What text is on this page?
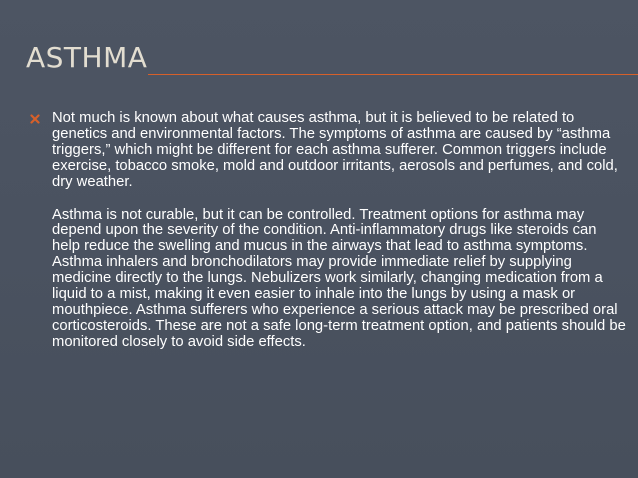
ASTHMA

Not much is known about what causes asthma, but it is believed to be related to genetics and environmental factors. The symptoms of asthma are caused by “asthma triggers,” which might be different for each asthma sufferer. Common triggers include exercise, tobacco smoke, mold and outdoor irritants, aerosols and perfumes, and cold, dry weather.

Asthma is not curable, but it can be controlled. Treatment options for asthma may depend upon the severity of the condition. Anti-inflammatory drugs like steroids can help reduce the swelling and mucus in the airways that lead to asthma symptoms. Asthma inhalers and bronchodilators may provide immediate relief by supplying medicine directly to the lungs. Nebulizers work similarly, changing medication from a liquid to a mist, making it even easier to inhale into the lungs by using a mask or mouthpiece. Asthma sufferers who experience a serious attack may be prescribed oral corticosteroids. These are not a safe long-term treatment option, and patients should be monitored closely to avoid side effects.
